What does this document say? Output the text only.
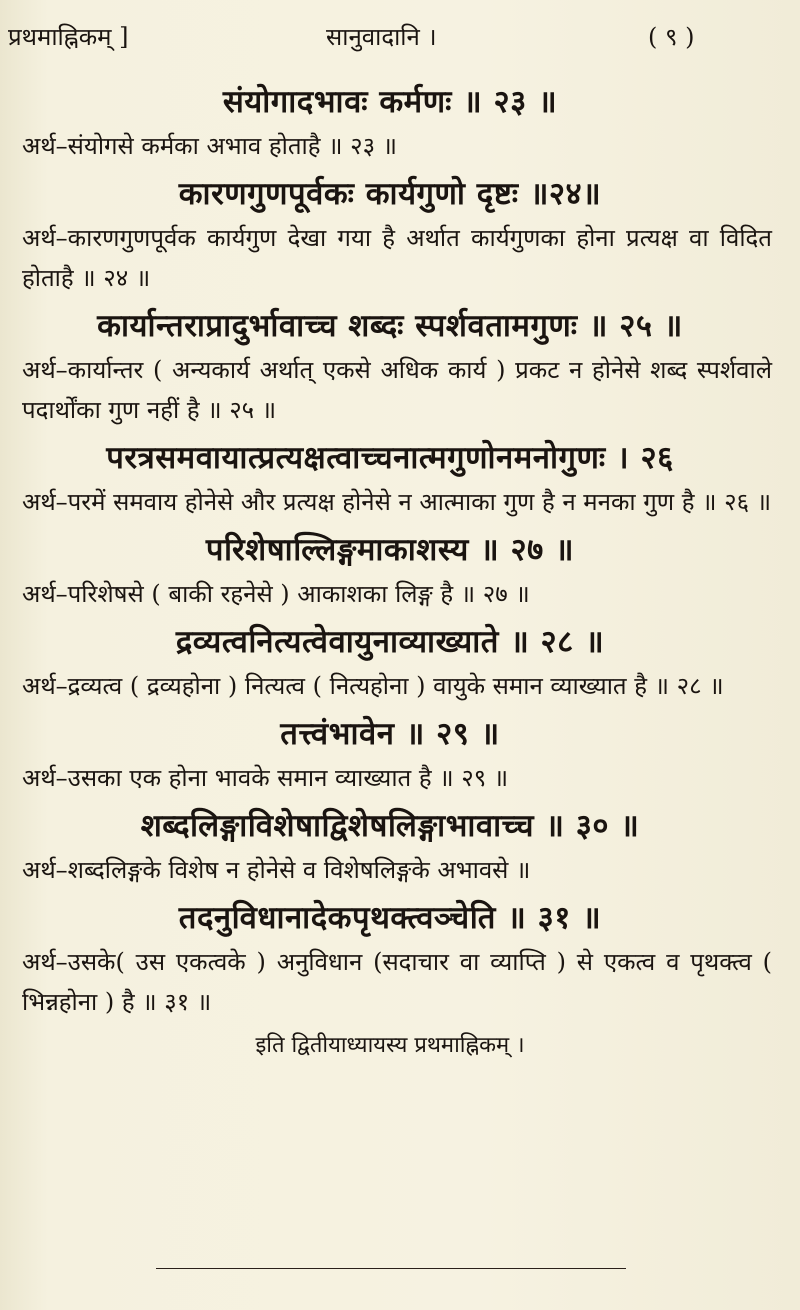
प्रथमाह्निकम् ]	सानुवादानि ।	( ९ )

संयोगादभावः कर्मणः ॥ २३ ॥

अर्थ–संयोगसे कर्मका अभाव होताहै ॥ २३ ॥

कारणगुणपूर्वकः कार्यगुणो दृष्टः ॥२४॥

अर्थ–कारणगुणपूर्वक कार्यगुण देखा गया है अर्थात कार्यगुणका होना प्रत्यक्ष वा विदित होताहै ॥ २४ ॥

कार्यान्तराप्रादुर्भावाच्च शब्दः स्पर्शवतामगुणः ॥ २५ ॥

अर्थ–कार्यान्तर ( अन्यकार्य अर्थात् एकसे अधिक कार्य ) प्रकट न होनेसे शब्द स्पर्शवाले पदार्थोंका गुण नहीं है ॥ २५ ॥

परत्रसमवायात्प्रत्यक्षत्वाच्चनात्मगुणोनमनोगुणः । २६

अर्थ–परमें समवाय होनेसे और प्रत्यक्ष होनेसे न आत्माका गुण है न मनका गुण है ॥ २६ ॥

परिशेषाल्लिङ्गमाकाशस्य ॥ २७ ॥

अर्थ–परिशेषसे ( बाकी रहनेसे ) आकाशका लिङ्ग है ॥ २७ ॥

द्रव्यत्वनित्यत्वेवायुनाव्याख्याते ॥ २८ ॥

अर्थ–द्रव्यत्व ( द्रव्यहोना ) नित्यत्व ( नित्यहोना ) वायुके समान व्याख्यात है ॥ २८ ॥

तत्त्वंभावेन ॥ २९ ॥

अर्थ–उसका एक होना भावके समान व्याख्यात है ॥ २९ ॥

शब्दलिङ्गाविशेषाद्विशेषलिङ्गाभावाच्च ॥ ३० ॥

अर्थ–शब्दलिङ्गके विशेष न होनेसे व विशेषलिङ्गके अभावसे ॥

तदनुविधानादेकपृथक्त्वञ्चेति ॥ ३१ ॥

अर्थ–उसके( उस एकत्वके ) अनुविधान (सदाचार वा व्याप्ति ) से एकत्व व पृथक्त्व ( भिन्नहोना ) है ॥ ३१ ॥

इति द्वितीयाध्यायस्य प्रथमाह्निकम् ।
